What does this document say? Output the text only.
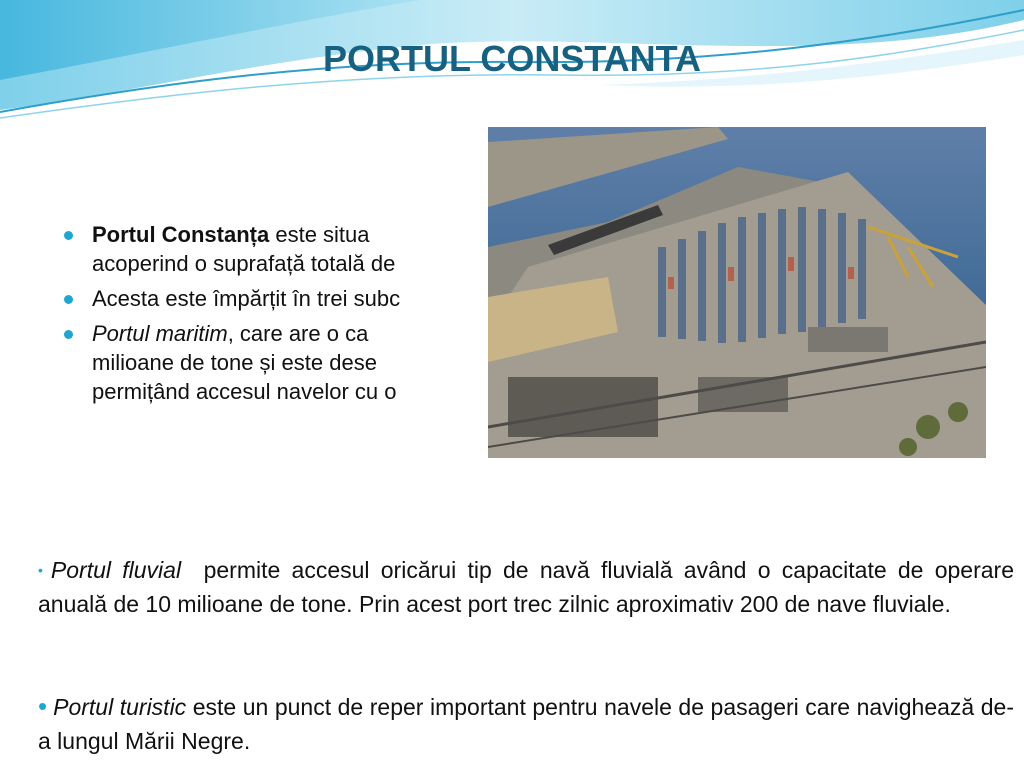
PORTUL CONSTANTA
Portul Constanța este situa
acoperind o suprafață totală de
Acesta este împărțit în trei subc
Portul maritim, care are o ca
milioane de tone și este dese
permițând accesul navelor cu o
• Portul fluvial  permite accesul oricărui tip de navă fluvială având o capacitate de operare anuală de 10 milioane de tone. Prin acest port trec zilnic aproximativ 200 de nave fluviale.
• Portul turistic este un punct de reper important pentru navele de pasageri care navighează de-a lungul Mării Negre.
